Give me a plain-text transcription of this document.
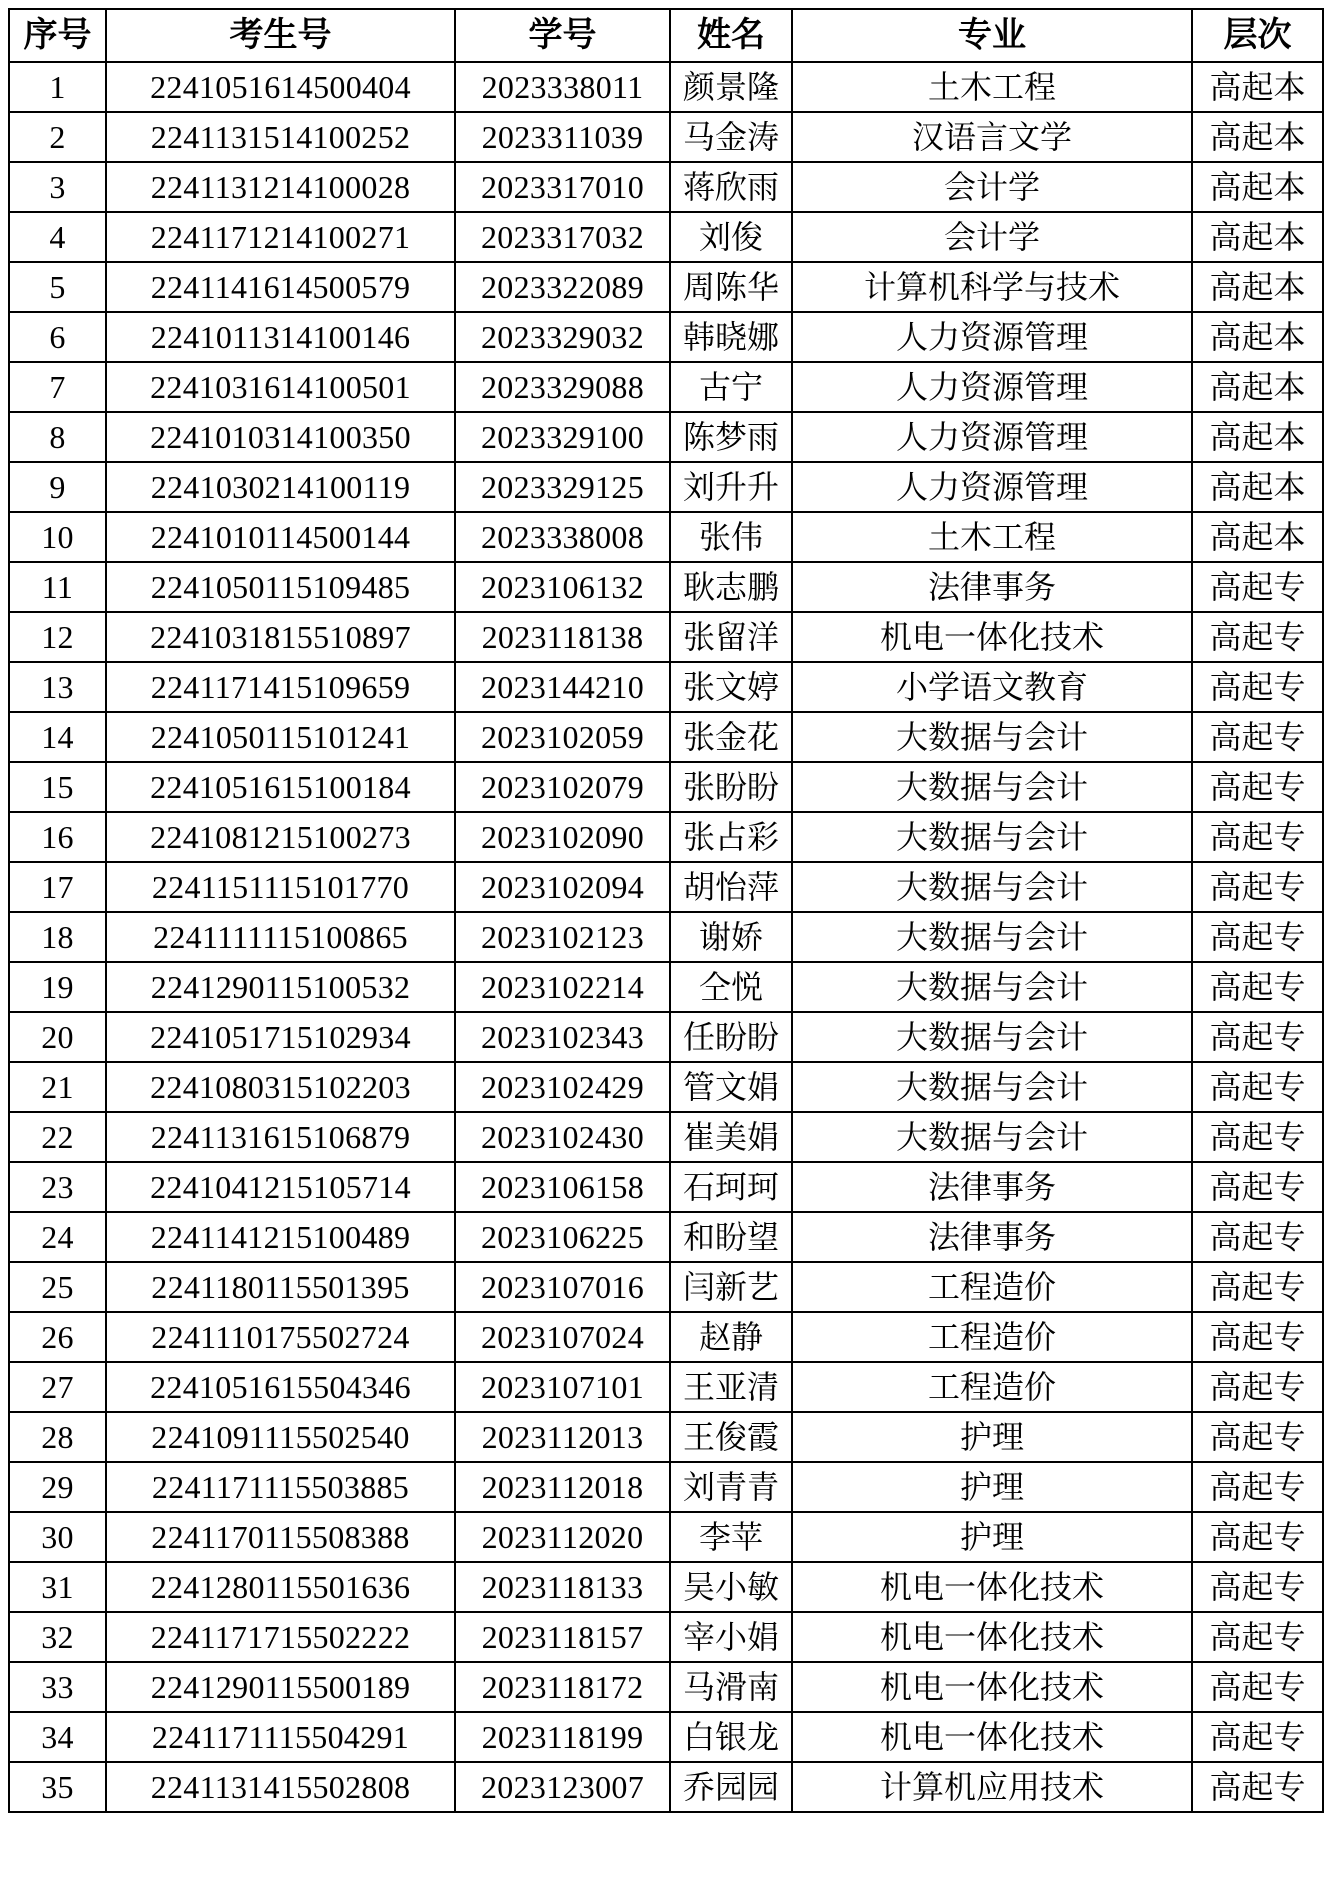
序号	考生号	学号	姓名	专业	层次
1	2241051614500404	2023338011	颜景隆	土木工程	高起本
2	2241131514100252	2023311039	马金涛	汉语言文学	高起本
3	2241131214100028	2023317010	蒋欣雨	会计学	高起本
4	2241171214100271	2023317032	刘俊	会计学	高起本
5	2241141614500579	2023322089	周陈华	计算机科学与技术	高起本
6	2241011314100146	2023329032	韩晓娜	人力资源管理	高起本
7	2241031614100501	2023329088	古宁	人力资源管理	高起本
8	2241010314100350	2023329100	陈梦雨	人力资源管理	高起本
9	2241030214100119	2023329125	刘升升	人力资源管理	高起本
10	2241010114500144	2023338008	张伟	土木工程	高起本
11	2241050115109485	2023106132	耿志鹏	法律事务	高起专
12	2241031815510897	2023118138	张留洋	机电一体化技术	高起专
13	2241171415109659	2023144210	张文婷	小学语文教育	高起专
14	2241050115101241	2023102059	张金花	大数据与会计	高起专
15	2241051615100184	2023102079	张盼盼	大数据与会计	高起专
16	2241081215100273	2023102090	张占彩	大数据与会计	高起专
17	2241151115101770	2023102094	胡怡萍	大数据与会计	高起专
18	2241111115100865	2023102123	谢娇	大数据与会计	高起专
19	2241290115100532	2023102214	仝悦	大数据与会计	高起专
20	2241051715102934	2023102343	任盼盼	大数据与会计	高起专
21	2241080315102203	2023102429	管文娟	大数据与会计	高起专
22	2241131615106879	2023102430	崔美娟	大数据与会计	高起专
23	2241041215105714	2023106158	石珂珂	法律事务	高起专
24	2241141215100489	2023106225	和盼望	法律事务	高起专
25	2241180115501395	2023107016	闫新艺	工程造价	高起专
26	2241110175502724	2023107024	赵静	工程造价	高起专
27	2241051615504346	2023107101	王亚清	工程造价	高起专
28	2241091115502540	2023112013	王俊霞	护理	高起专
29	2241171115503885	2023112018	刘青青	护理	高起专
30	2241170115508388	2023112020	李苹	护理	高起专
31	2241280115501636	2023118133	吴小敏	机电一体化技术	高起专
32	2241171715502222	2023118157	宰小娟	机电一体化技术	高起专
33	2241290115500189	2023118172	马滑南	机电一体化技术	高起专
34	2241171115504291	2023118199	白银龙	机电一体化技术	高起专
35	2241131415502808	2023123007	乔园园	计算机应用技术	高起专
